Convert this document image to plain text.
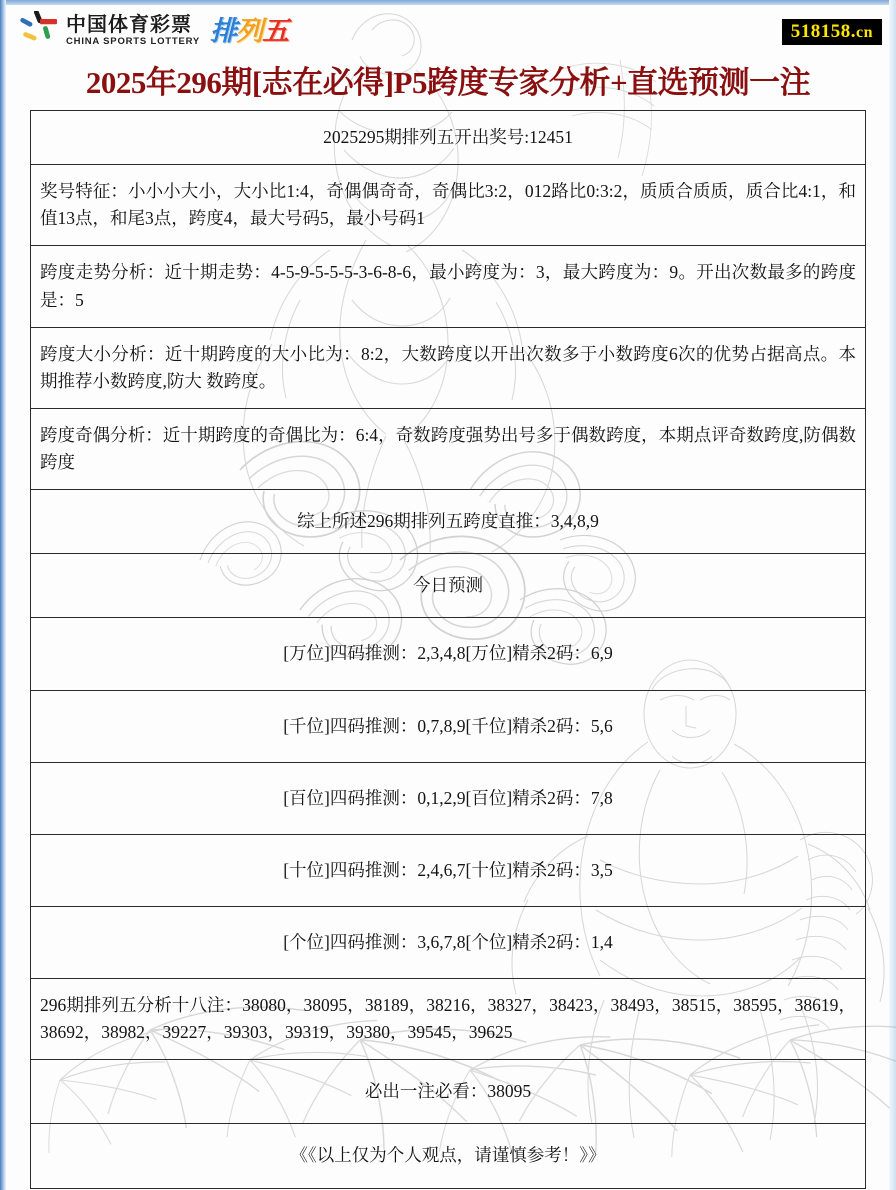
中国体育彩票
CHINA SPORTS LOTTERY 排列五	518158.cn
2025年296期[志在必得]P5跨度专家分析+直选预测一注
2025295期排列五开出奖号:12451
奖号特征：小小小大小，大小比1:4，奇偶偶奇奇，奇偶比3:2，012路比0:3:2，质质合质质，质合比4:1，和值13点，和尾3点，跨度4，最大号码5，最小号码1
跨度走势分析：近十期走势：4-5-9-5-5-5-3-6-8-6，最小跨度为：3，最大跨度为：9。开出次数最多的跨度是：5
跨度大小分析：近十期跨度的大小比为：8:2，大数跨度以开出次数多于小数跨度6次的优势占据高点。本期推荐小数跨度,防大 数跨度。
跨度奇偶分析：近十期跨度的奇偶比为：6:4，奇数跨度强势出号多于偶数跨度，本期点评奇数跨度,防偶数跨度
综上所述296期排列五跨度直推：3,4,8,9
今日预测
[万位]四码推测：2,3,4,8[万位]精杀2码：6,9
[千位]四码推测：0,7,8,9[千位]精杀2码：5,6
[百位]四码推测：0,1,2,9[百位]精杀2码：7,8
[十位]四码推测：2,4,6,7[十位]精杀2码：3,5
[个位]四码推测：3,6,7,8[个位]精杀2码：1,4
296期排列五分析十八注：38080，38095，38189，38216，38327，38423，38493，38515，38595，38619，38692，38982，39227，39303，39319，39380，39545，39625
必出一注必看：38095
《《以上仅为个人观点，请谨慎参考！》》
